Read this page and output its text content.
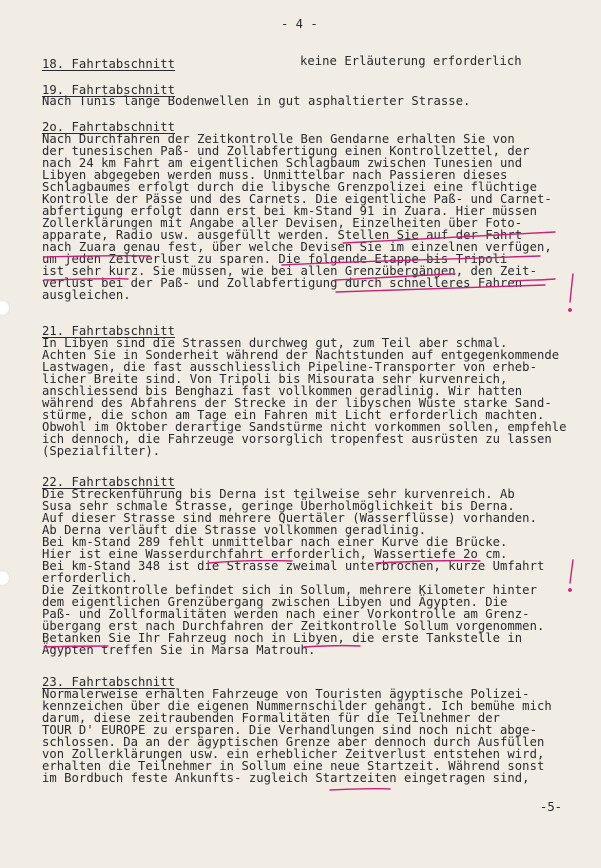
- 4 -
18. Fahrtabschnitt	keine Erläuterung erforderlich
19. Fahrtabschnitt
Nach Tunis lange Bodenwellen in gut asphaltierter Strasse.
2o. Fahrtabschnitt
Nach Durchfahren der Zeitkontrolle Ben Gendarne erhalten Sie von
der tunesischen Paß- und Zollabfertigung einen Kontrollzettel, der
nach 24 km Fahrt am eigentlichen Schlagbaum zwischen Tunesien und
Libyen abgegeben werden muss. Unmittelbar nach Passieren dieses
Schlagbaumes erfolgt durch die libysche Grenzpolizei eine flüchtige
Kontrolle der Pässe und des Carnets. Die eigentliche Paß- und Carnet-
abfertigung erfolgt dann erst bei km-Stand 91 in Zuara. Hier müssen
Zollerklärungen mit Angabe aller Devisen, Einzelheiten über Foto-
apparate, Radio usw. ausgefüllt werden. Stellen Sie auf der Fahrt
nach Zuara genau fest, über welche Devisen Sie im einzelnen verfügen,
um jeden Zeitverlust zu sparen. Die folgende Etappe bis Tripoli
ist sehr kurz. Sie müssen, wie bei allen Grenzübergängen, den Zeit-
verlust bei der Paß- und Zollabfertigung durch schnelleres Fahren
ausgleichen.
21. Fahrtabschnitt
In Libyen sind die Strassen durchweg gut, zum Teil aber schmal.
Achten Sie in Sonderheit während der Nachtstunden auf entgegenkommende
Lastwagen, die fast ausschliesslich Pipeline-Transporter von erheb-
licher Breite sind. Von Tripoli bis Misourata sehr kurvenreich,
anschliessend bis Benghazi fast vollkommen geradlinig. Wir hatten
während des Abfahrens der Strecke in der libyschen Wüste starke Sand-
stürme, die schon am Tage ein Fahren mit Licht erforderlich machten.
Obwohl im Oktober derartige Sandstürme nicht vorkommen sollen, empfehle
ich dennoch, die Fahrzeuge vorsorglich tropenfest ausrüsten zu lassen
(Spezialfilter).
22. Fahrtabschnitt
Die Streckenführung bis Derna ist teilweise sehr kurvenreich. Ab
Susa sehr schmale Strasse, geringe Überholmöglichkeit bis Derna.
Auf dieser Strasse sind mehrere Quertäler (Wasserflüsse) vorhanden.
Ab Derna verläuft die Strasse vollkommen geradlinig.
Bei km-Stand 289 fehlt unmittelbar nach einer Kurve die Brücke.
Hier ist eine Wasserdurchfahrt erforderlich, Wassertiefe 2o cm.
Bei km-Stand 348 ist die Strasse zweimal unterbrochen, kurze Umfahrt
erforderlich.
Die Zeitkontrolle befindet sich in Sollum, mehrere Kilometer hinter
dem eigentlichen Grenzübergang zwischen Libyen und Ägypten. Die
Paß- und Zollformalitäten werden nach einer Vorkontrolle am Grenz-
übergang erst nach Durchfahren der Zeitkontrolle Sollum vorgenommen.
Betanken Sie Ihr Fahrzeug noch in Libyen, die erste Tankstelle in
Ägypten treffen Sie in Marsa Matrouh.
23. Fahrtabschnitt
Normalerweise erhalten Fahrzeuge von Touristen ägyptische Polizei-
kennzeichen über die eigenen Nummernschilder gehängt. Ich bemühe mich
darum, diese zeitraubenden Formalitäten für die Teilnehmer der
TOUR D' EUROPE zu ersparen. Die Verhandlungen sind noch nicht abge-
schlossen. Da an der ägyptischen Grenze aber dennoch durch Ausfüllen
von Zollerklärungen usw. ein erheblicher Zeitverlust entstehen wird,
erhalten die Teilnehmer in Sollum eine neue Startzeit. Während sonst
im Bordbuch feste Ankunfts- zugleich Startzeiten eingetragen sind,
-5-
